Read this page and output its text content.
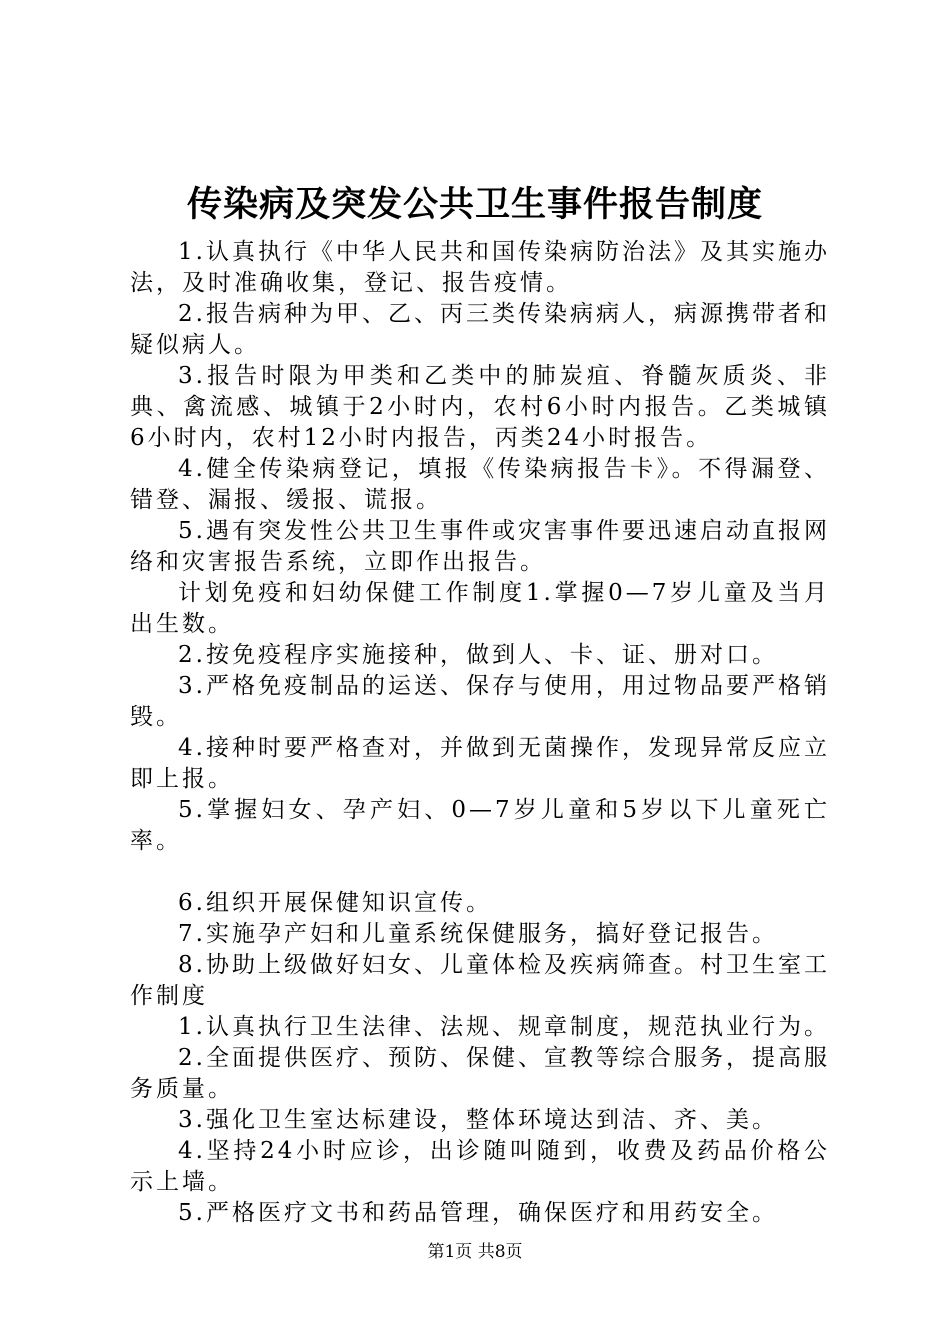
传染病及突发公共卫生事件报告制度

1.认真执行《中华人民共和国传染病防治法》及其实施办法，及时准确收集，登记、报告疫情。

2.报告病种为甲、乙、丙三类传染病病人，病源携带者和疑似病人。

3.报告时限为甲类和乙类中的肺炭疽、脊髓灰质炎、非典、禽流感、城镇于2小时内，农村6小时内报告。乙类城镇6小时内，农村12小时内报告，丙类24小时报告。

4.健全传染病登记，填报《传染病报告卡》。不得漏登、错登、漏报、缓报、谎报。

5.遇有突发性公共卫生事件或灾害事件要迅速启动直报网络和灾害报告系统，立即作出报告。

计划免疫和妇幼保健工作制度1.掌握0—7岁儿童及当月出生数。

2.按免疫程序实施接种，做到人、卡、证、册对口。

3.严格免疫制品的运送、保存与使用，用过物品要严格销毁。

4.接种时要严格查对，并做到无菌操作，发现异常反应立即上报。

5.掌握妇女、孕产妇、0—7岁儿童和5岁以下儿童死亡率。

6.组织开展保健知识宣传。

7.实施孕产妇和儿童系统保健服务，搞好登记报告。

8.协助上级做好妇女、儿童体检及疾病筛查。村卫生室工作制度

1.认真执行卫生法律、法规、规章制度，规范执业行为。

2.全面提供医疗、预防、保健、宣教等综合服务，提高服务质量。

3.强化卫生室达标建设，整体环境达到洁、齐、美。

4.坚持24小时应诊，出诊随叫随到，收费及药品价格公示上墙。

5.严格医疗文书和药品管理，确保医疗和用药安全。

第1页 共8页
